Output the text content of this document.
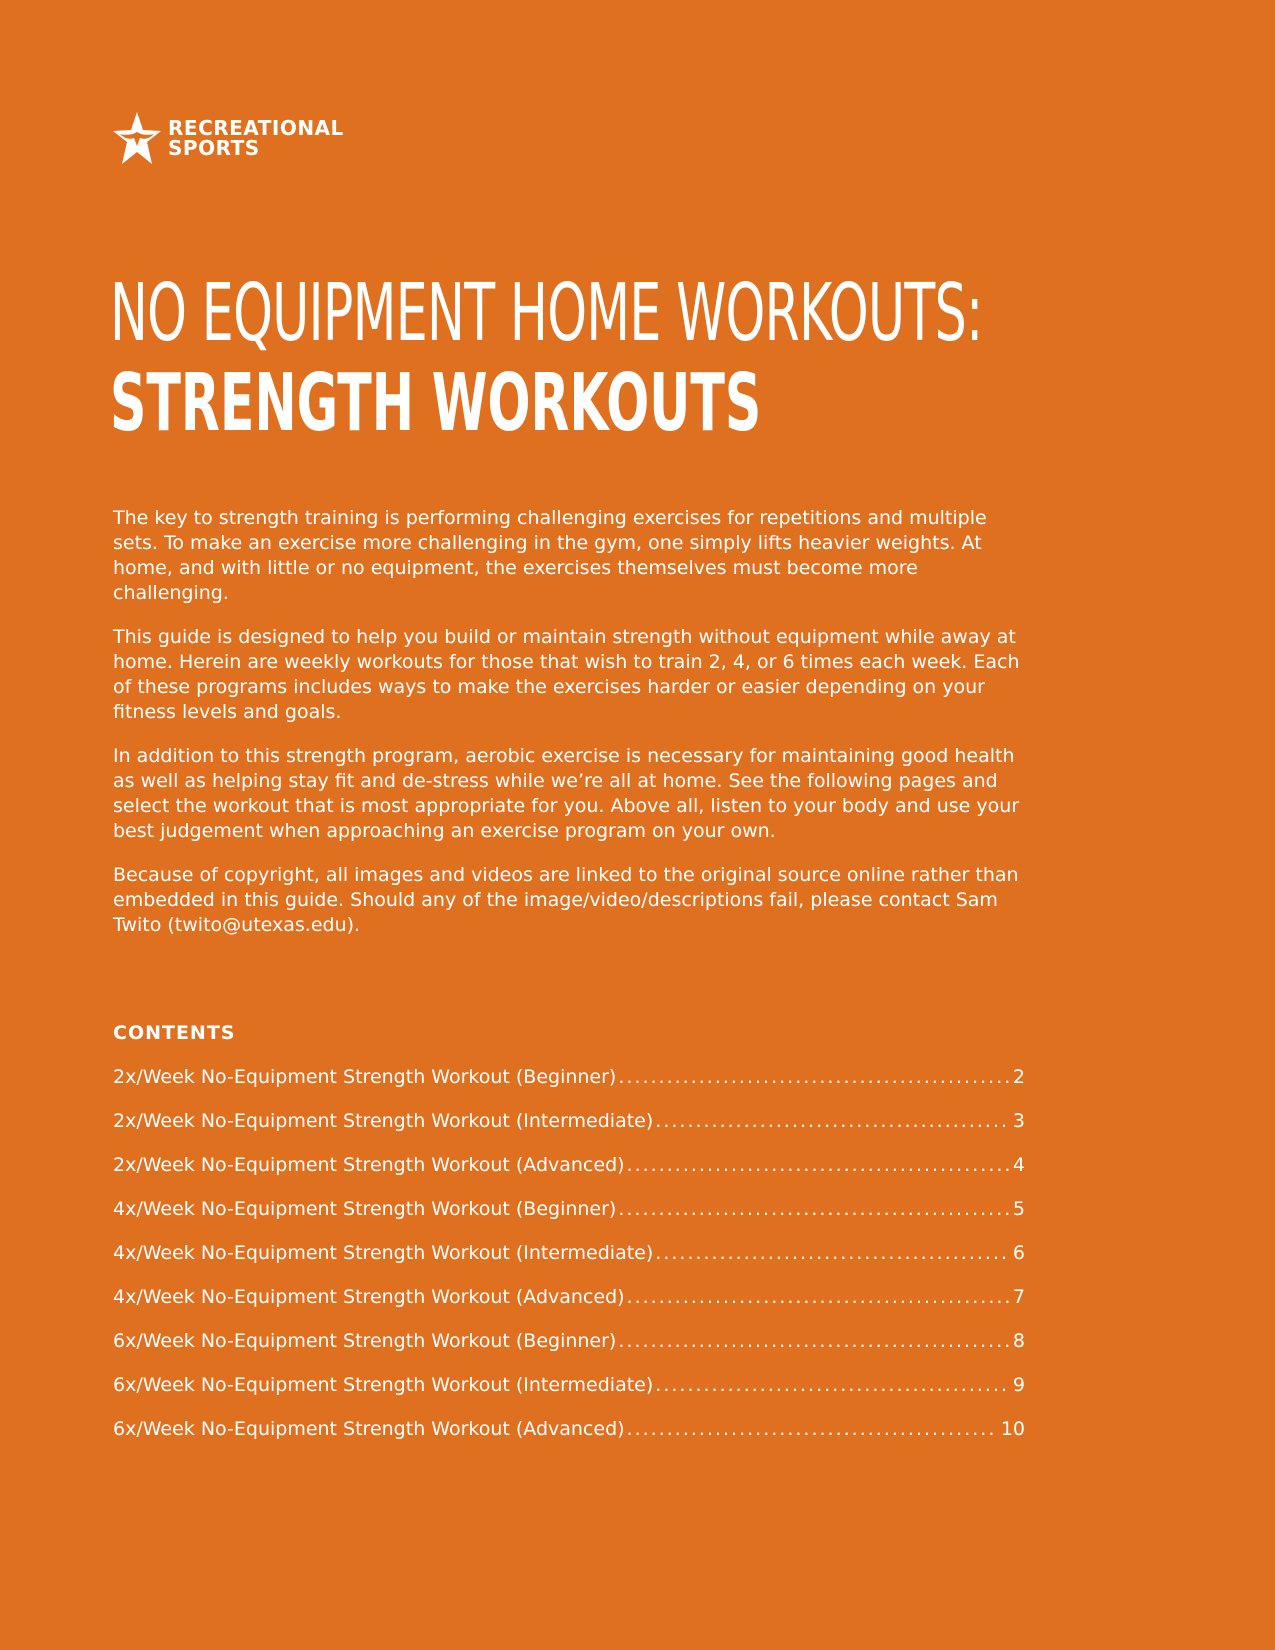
RECREATIONAL
SPORTS
NO EQUIPMENT HOME WORKOUTS:
STRENGTH WORKOUTS

The key to strength training is performing challenging exercises for repetitions and multiple sets. To make an exercise more challenging in the gym, one simply lifts heavier weights. At home, and with little or no equipment, the exercises themselves must become more challenging.

This guide is designed to help you build or maintain strength without equipment while away at home. Herein are weekly workouts for those that wish to train 2, 4, or 6 times each week. Each of these programs includes ways to make the exercises harder or easier depending on your fitness levels and goals.

In addition to this strength program, aerobic exercise is necessary for maintaining good health as well as helping stay fit and de-stress while we’re all at home. See the following pages and select the workout that is most appropriate for you. Above all, listen to your body and use your best judgement when approaching an exercise program on your own.

Because of copyright, all images and videos are linked to the original source online rather than embedded in this guide. Should any of the image/video/descriptions fail, please contact Sam Twito (twito@utexas.edu).

CONTENTS
2x/Week No-Equipment Strength Workout (Beginner) .....	2
2x/Week No-Equipment Strength Workout (Intermediate) .....	3
2x/Week No-Equipment Strength Workout (Advanced) .....	4
4x/Week No-Equipment Strength Workout (Beginner) .....	5
4x/Week No-Equipment Strength Workout (Intermediate) .....	6
4x/Week No-Equipment Strength Workout (Advanced) .....	7
6x/Week No-Equipment Strength Workout (Beginner) .....	8
6x/Week No-Equipment Strength Workout (Intermediate) .....	9
6x/Week No-Equipment Strength Workout (Advanced) .....	10
